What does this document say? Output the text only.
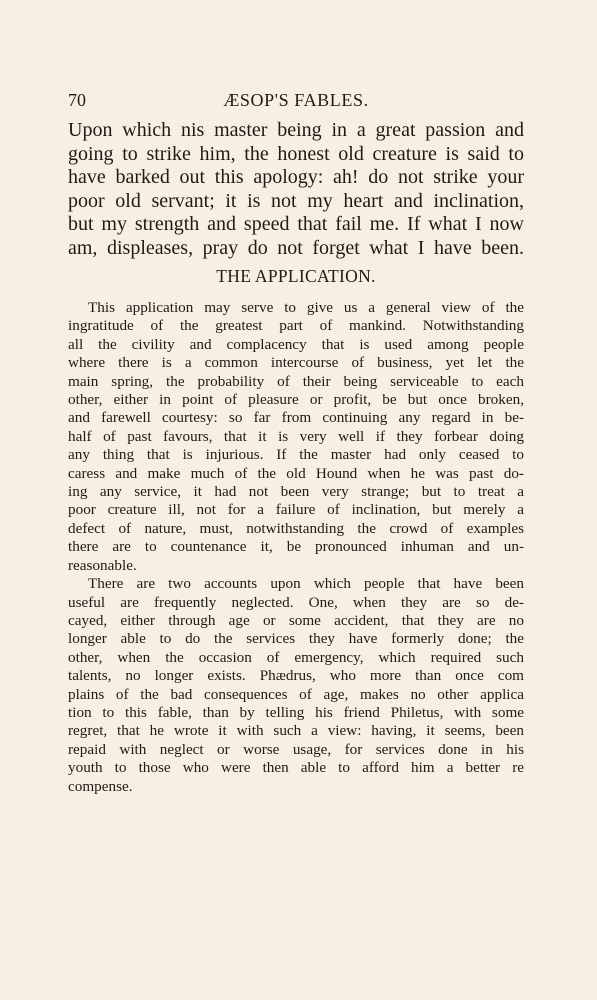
70	ÆSOP'S FABLES.
Upon which nis master being in a great passion and
going to strike him, the honest old creature is said to
have barked out this apology: ah! do not strike your
poor old servant; it is not my heart and inclination,
but my strength and speed that fail me. If what I now
am, displeases, pray do not forget what I have been.
THE APPLICATION.
This application may serve to give us a general view of the
ingratitude of the greatest part of mankind. Notwithstanding
all the civility and complacency that is used among people
where there is a common intercourse of business, yet let the
main spring, the probability of their being serviceable to each
other, either in point of pleasure or profit, be but once broken,
and farewell courtesy: so far from continuing any regard in be-
half of past favours, that it is very well if they forbear doing
any thing that is injurious. If the master had only ceased to
caress and make much of the old Hound when he was past do-
ing any service, it had not been very strange; but to treat a
poor creature ill, not for a failure of inclination, but merely a
defect of nature, must, notwithstanding the crowd of examples
there are to countenance it, be pronounced inhuman and un-
reasonable.
There are two accounts upon which people that have been
useful are frequently neglected. One, when they are so de-
cayed, either through age or some accident, that they are no
longer able to do the services they have formerly done; the
other, when the occasion of emergency, which required such
talents, no longer exists. Phædrus, who more than once com
plains of the bad consequences of age, makes no other applica
tion to this fable, than by telling his friend Philetus, with some
regret, that he wrote it with such a view: having, it seems, been
repaid with neglect or worse usage, for services done in his
youth to those who were then able to afford him a better re
compense.
